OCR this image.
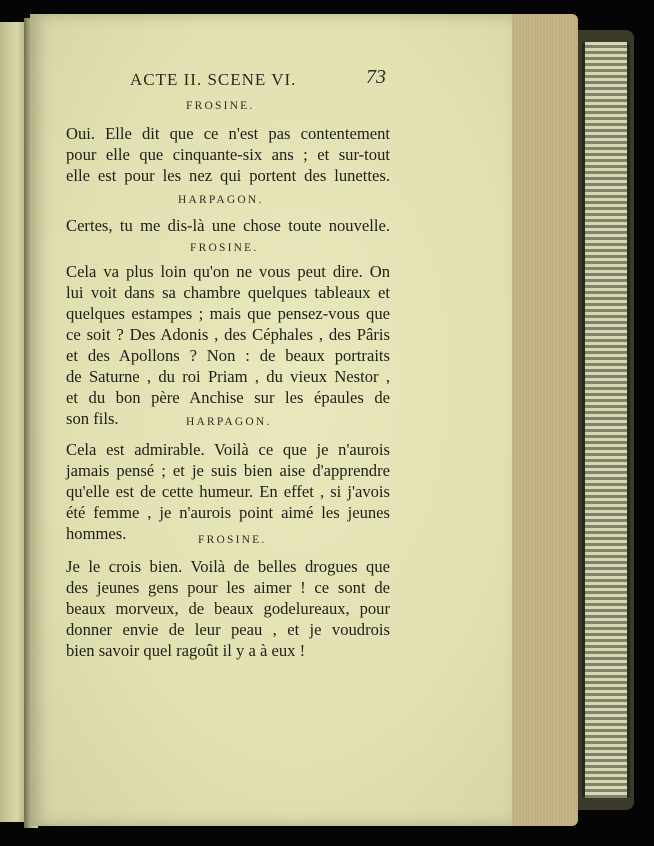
ACTE II. SCENE VI.	73
FROSINE.
Oui. Elle dit que ce n'est pas contentement
pour elle que cinquante-six ans ; et sur-tout
elle est pour les nez qui portent des lunettes.
HARPAGON.
Certes, tu me dis-là une chose toute nouvelle.
FROSINE.
Cela va plus loin qu'on ne vous peut dire. On
lui voit dans sa chambre quelques tableaux et
quelques estampes ; mais que pensez-vous que
ce soit ? Des Adonis , des Céphales , des Pâris
et des Apollons ? Non : de beaux portraits
de Saturne , du roi Priam , du vieux Nestor ,
et du bon père Anchise sur les épaules de
son fils.	HARPAGON.
Cela est admirable. Voilà ce que je n'aurois
jamais pensé ; et je suis bien aise d'apprendre
qu'elle est de cette humeur. En effet , si j'avois
été femme , je n'aurois point aimé les jeunes
hommes.	FROSINE.
Je le crois bien. Voilà de belles drogues que
des jeunes gens pour les aimer ! ce sont de
beaux morveux, de beaux godelureaux, pour
donner envie de leur peau , et je voudrois
bien savoir quel ragoût il y a à eux !
